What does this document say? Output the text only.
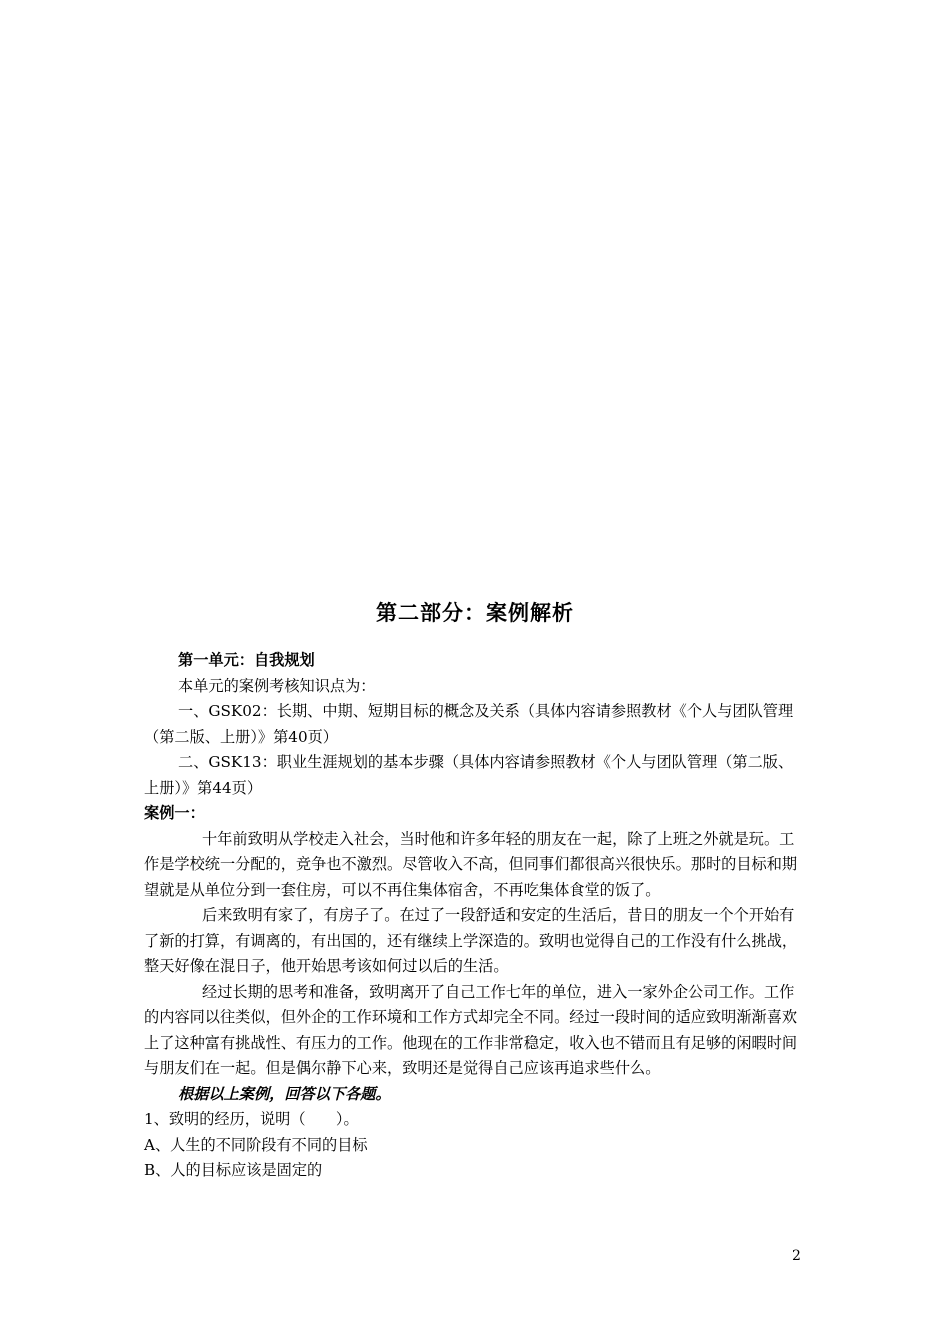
第二部分：案例解析

第一单元：自我规划

本单元的案例考核知识点为：

一、GSK02：长期、中期、短期目标的概念及关系（具体内容请参照教材《个人与团队管理（第二版、上册）》第40页）

二、GSK13：职业生涯规划的基本步骤（具体内容请参照教材《个人与团队管理（第二版、上册）》第44页）

案例一：

十年前致明从学校走入社会，当时他和许多年轻的朋友在一起，除了上班之外就是玩。工作是学校统一分配的，竞争也不激烈。尽管收入不高，但同事们都很高兴很快乐。那时的目标和期望就是从单位分到一套住房，可以不再住集体宿舍，不再吃集体食堂的饭了。

后来致明有家了，有房子了。在过了一段舒适和安定的生活后，昔日的朋友一个个开始有了新的打算，有调离的，有出国的，还有继续上学深造的。致明也觉得自己的工作没有什么挑战，整天好像在混日子，他开始思考该如何过以后的生活。

经过长期的思考和准备，致明离开了自己工作七年的单位，进入一家外企公司工作。工作的内容同以往类似，但外企的工作环境和工作方式却完全不同。经过一段时间的适应致明渐渐喜欢上了这种富有挑战性、有压力的工作。他现在的工作非常稳定，收入也不错而且有足够的闲暇时间与朋友们在一起。但是偶尔静下心来，致明还是觉得自己应该再追求些什么。

根据以上案例，回答以下各题。

1、致明的经历，说明（　　）。

A、人生的不同阶段有不同的目标

B、人的目标应该是固定的

2
